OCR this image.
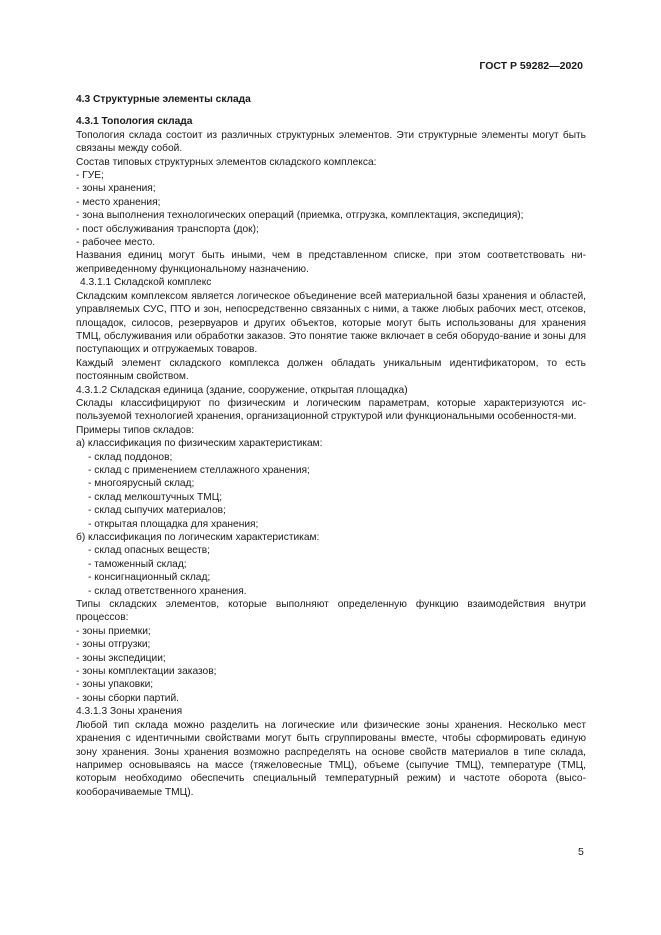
ГОСТ Р 59282—2020
4.3 Структурные элементы склада
4.3.1 Топология склада

Топология склада состоит из различных структурных элементов. Эти структурные элементы могут быть связаны между собой.

Состав типовых структурных элементов складского комплекса:

- ГУЕ;
- зоны хранения;
- место хранения;
- зона выполнения технологических операций (приемка, отгрузка, комплектация, экспедиция);
- пост обслуживания транспорта (док);
- рабочее место.

Названия единиц могут быть иными, чем в представленном списке, при этом соответствовать ни-жеприведенному функциональному назначению.

4.3.1.1 Складской комплекс

Складским комплексом является логическое объединение всей материальной базы хранения и областей, управляемых СУС, ПТО и зон, непосредственно связанных с ними, а также любых рабочих мест, отсеков, площадок, силосов, резервуаров и других объектов, которые могут быть использованы для хранения ТМЦ, обслуживания или обработки заказов. Это понятие также включает в себя оборудо-вание и зоны для поступающих и отгружаемых товаров.

Каждый элемент складского комплекса должен обладать уникальным идентификатором, то есть постоянным свойством.

4.3.1.2 Складская единица (здание, сооружение, открытая площадка)

Склады классифицируют по физическим и логическим параметрам, которые характеризуются ис-пользуемой технологией хранения, организационной структурой или функциональными особенностя-ми.

Примеры типов складов:

а) классификация по физическим характеристикам:
- склад поддонов;
- склад с применением стеллажного хранения;
- многоярусный склад;
- склад мелкоштучных ТМЦ;
- склад сыпучих материалов;
- открытая площадка для хранения;
б) классификация по логическим характеристикам:
- склад опасных веществ;
- таможенный склад;
- консигнационный склад;
- склад ответственного хранения.

Типы складских элементов, которые выполняют определенную функцию взаимодействия внутри процессов:

- зоны приемки;
- зоны отгрузки;
- зоны экспедиции;
- зоны комплектации заказов;
- зоны упаковки;
- зоны сборки партий.
4.3.1.3 Зоны хранения

Любой тип склада можно разделить на логические или физические зоны хранения. Несколько мест хранения с идентичными свойствами могут быть сгруппированы вместе, чтобы сформировать единую зону хранения. Зоны хранения возможно распределять на основе свойств материалов в типе склада, например основываясь на массе (тяжеловесные ТМЦ), объеме (сыпучие ТМЦ), температуре (ТМЦ, которым необходимо обеспечить специальный температурный режим) и частоте оборота (высо-кооборачиваемые ТМЦ).

5
